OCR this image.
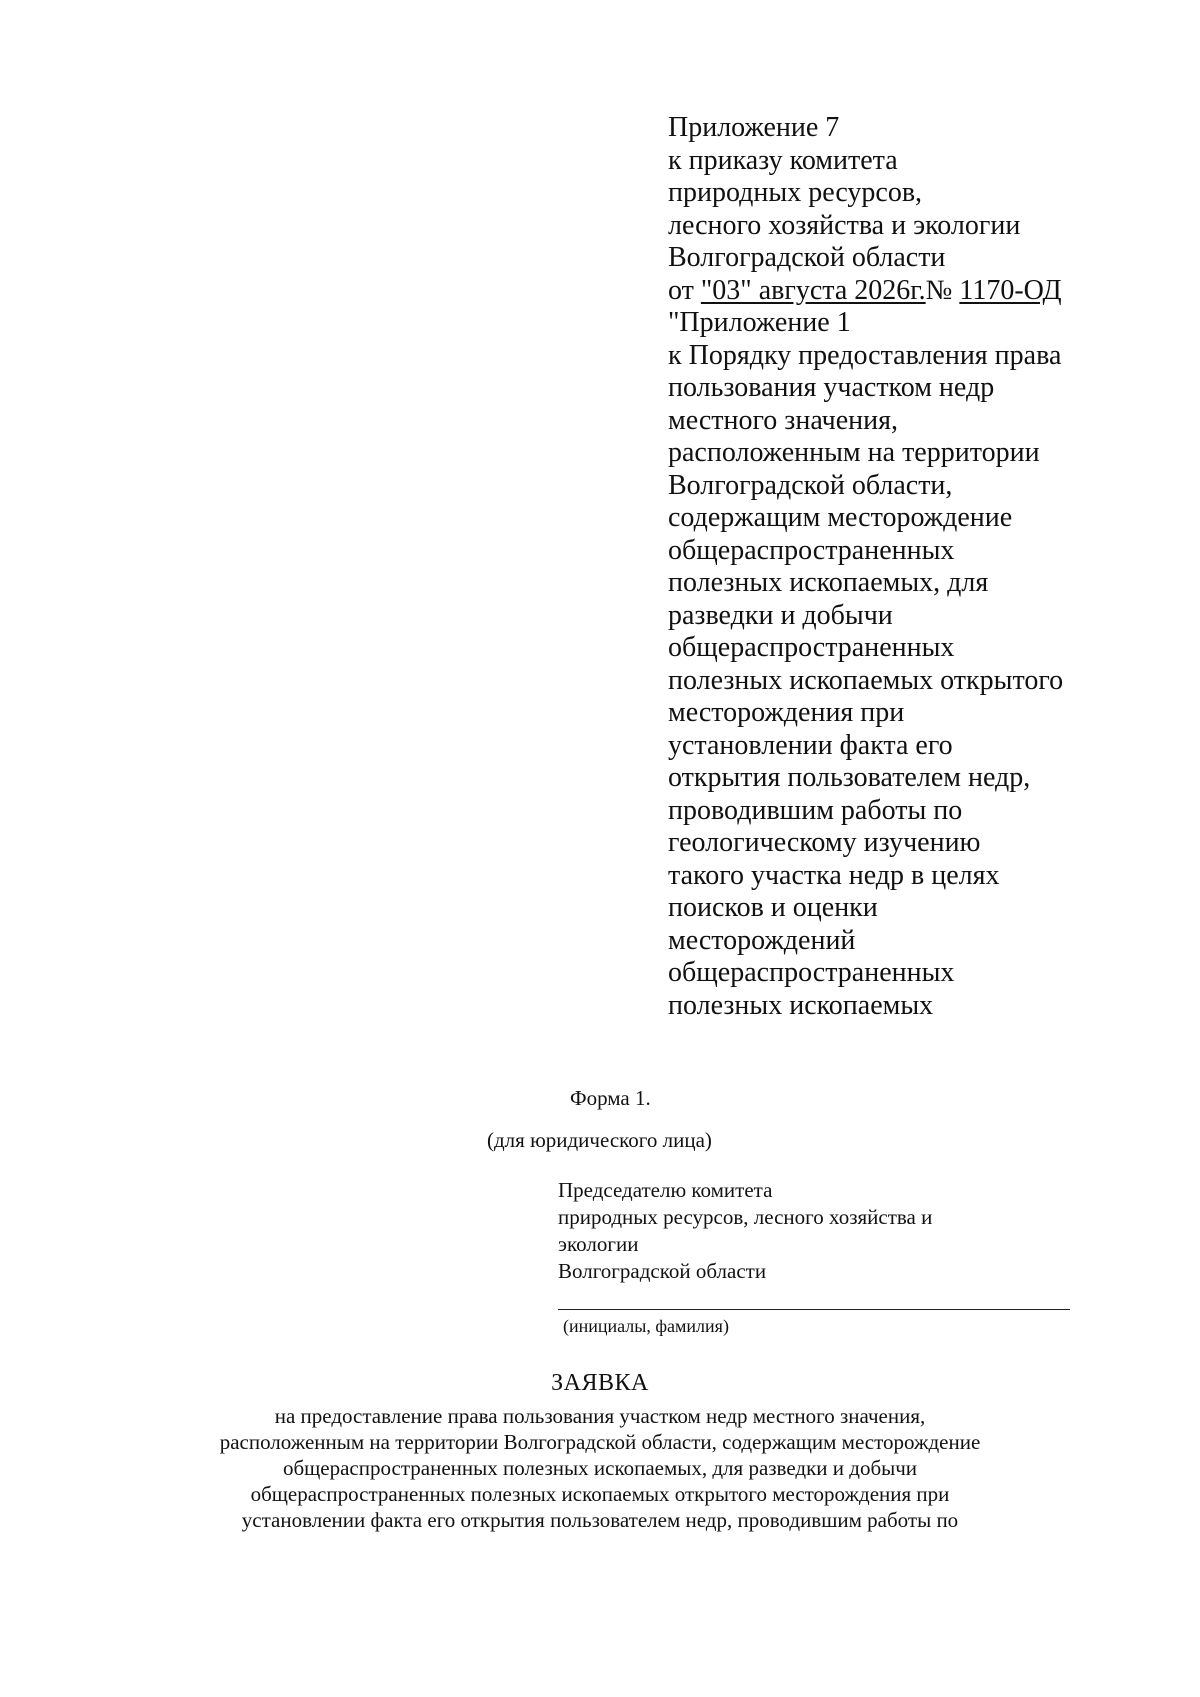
Приложение 7
к приказу комитета
природных ресурсов,
лесного хозяйства и экологии
Волгоградской области
от "03" августа 2026г.№ 1170-ОД
"Приложение 1
к Порядку предоставления права
пользования участком недр
местного значения,
расположенным на территории
Волгоградской области,
содержащим месторождение
общераспространенных
полезных ископаемых, для
разведки и добычи
общераспространенных
полезных ископаемых открытого
месторождения при
установлении факта его
открытия пользователем недр,
проводившим работы по
геологическому изучению
такого участка недр в целях
поисков и оценки
месторождений
общераспространенных
полезных ископаемых
Форма 1.
(для юридического лица)
Председателю комитета
природных ресурсов, лесного хозяйства и
экологии
Волгоградской области
(инициалы, фамилия)
ЗАЯВКА
на предоставление права пользования участком недр местного значения,
расположенным на территории Волгоградской области, содержащим месторождение
общераспространенных полезных ископаемых, для разведки и добычи
общераспространенных полезных ископаемых открытого месторождения при
установлении факта его открытия пользователем недр, проводившим работы по
